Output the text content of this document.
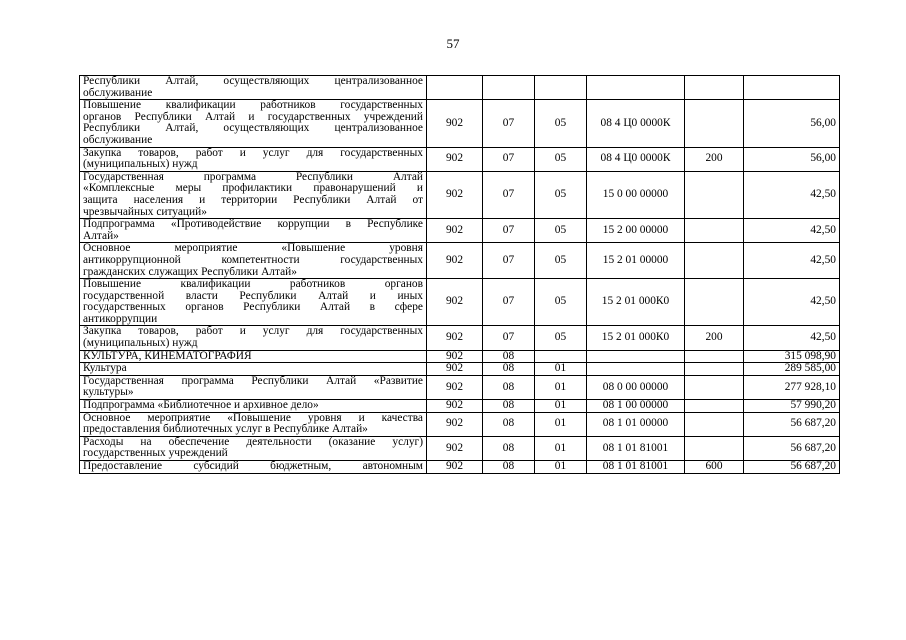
57
Республики Алтай, осуществляющих централизованное
обслуживание						

Повышение квалификации работников государственных
органов Республики Алтай и государственных учреждений
Республики Алтай, осуществляющих централизованное
обслуживание	902	07	05	08 4 Ц0 0000К		56,00

Закупка товаров, работ и услуг для государственных
(муниципальных) нужд	902	07	05	08 4 Ц0 0000К	200	56,00

Государственная программа Республики Алтай
«Комплексные меры профилактики правонарушений и
защита населения и территории Республики Алтай от
чрезвычайных ситуаций»	902	07	05	15 0 00 00000		42,50

Подпрограмма «Противодействие коррупции в Республике
Алтай»	902	07	05	15 2 00 00000		42,50

Основное мероприятие «Повышение уровня
антикоррупционной компетентности государственных
гражданских служащих Республики Алтай»	902	07	05	15 2 01 00000		42,50

Повышение квалификации работников органов
государственной власти Республики Алтай и иных
государственных органов Республики Алтай в сфере
антикоррупции	902	07	05	15 2 01 000К0		42,50

Закупка товаров, работ и услуг для государственных
(муниципальных) нужд	902	07	05	15 2 01 000К0	200	42,50

КУЛЬТУРА, КИНЕМАТОГРАФИЯ	902	08				315 098,90

Культура	902	08	01			289 585,00

Государственная программа Республики Алтай «Развитие
культуры»	902	08	01	08 0 00 00000		277 928,10

Подпрограмма «Библиотечное и архивное дело»	902	08	01	08 1 00 00000		57 990,20

Основное мероприятие «Повышение уровня и качества
предоставления библиотечных услуг в Республике Алтай»	902	08	01	08 1 01 00000		56 687,20

Расходы на обеспечение деятельности (оказание услуг)
государственных учреждений	902	08	01	08 1 01 81001		56 687,20

Предоставление субсидий бюджетным, автономным	902	08	01	08 1 01 81001	600	56 687,20
